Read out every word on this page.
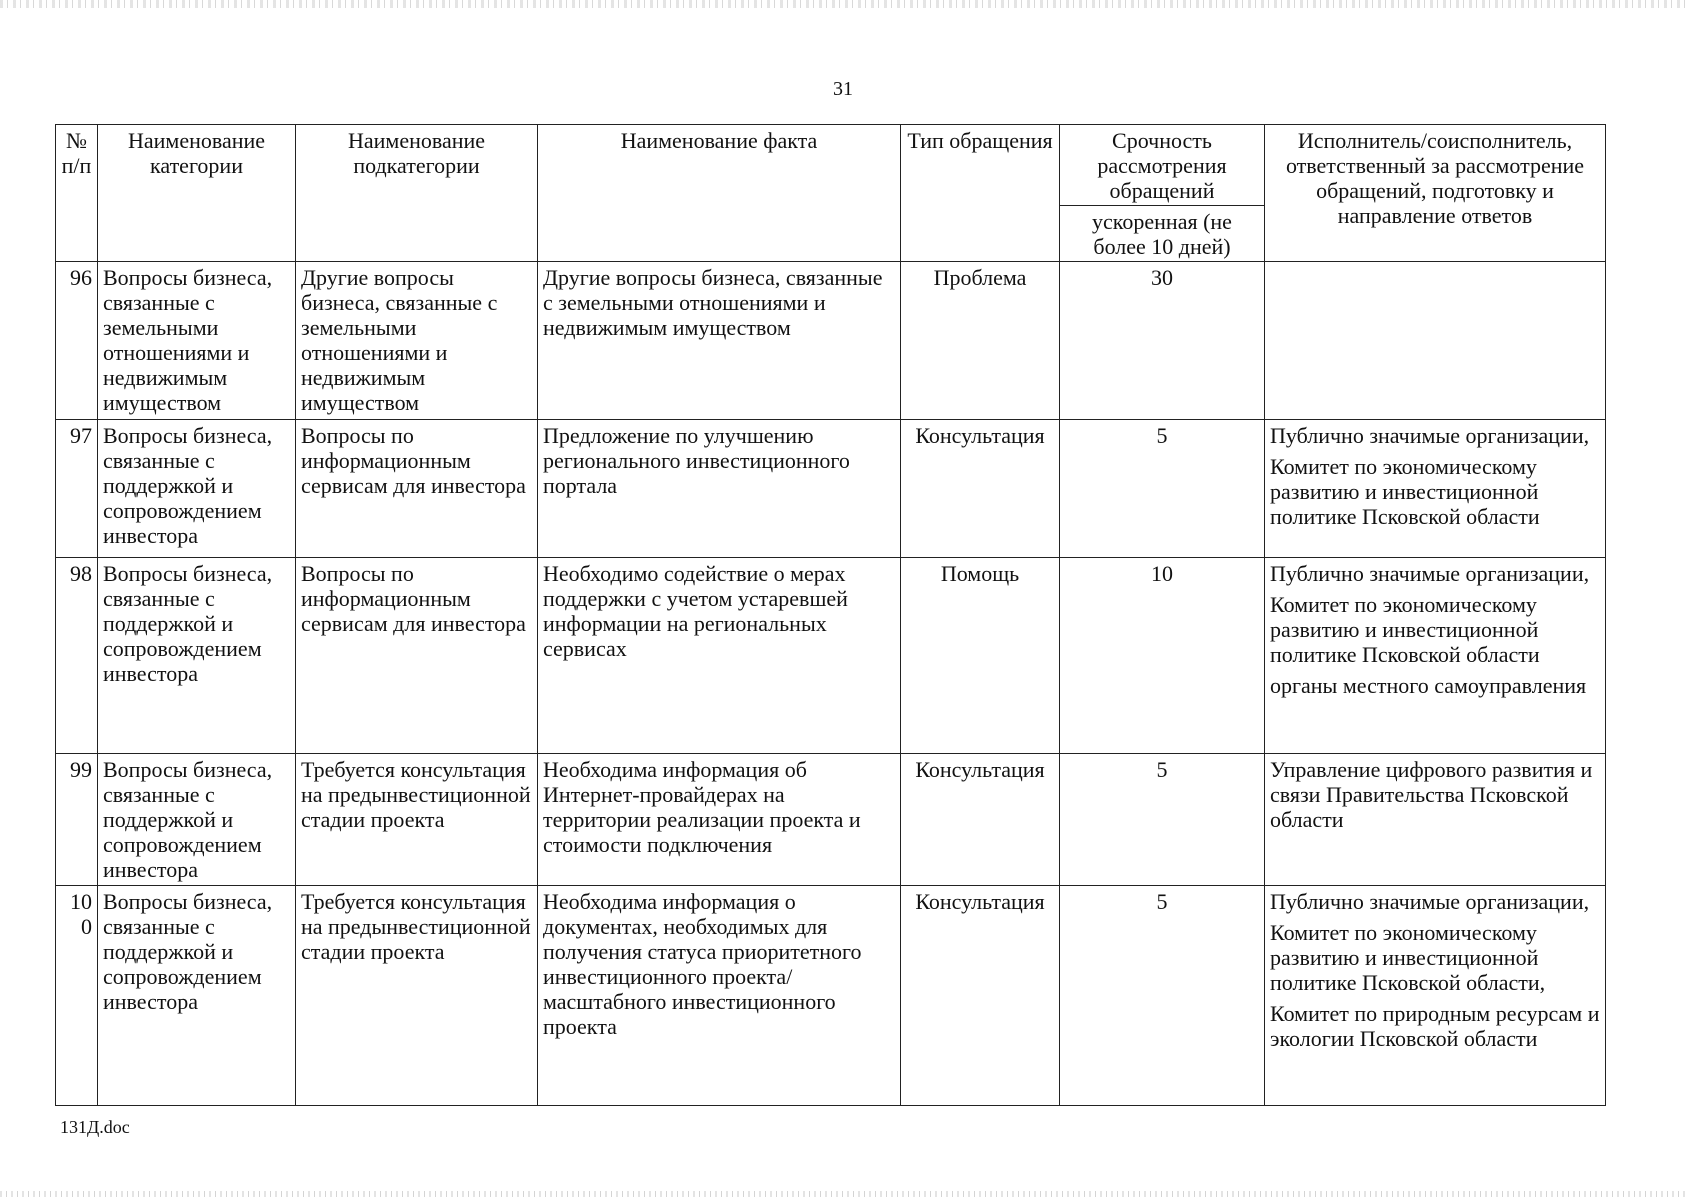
31
№ п/п	Наименование категории	Наименование подкатегории	Наименование факта	Тип обращения	Срочность рассмотрения обращений	Исполнитель/соисполнитель, ответственный за рассмотрение обращений, подготовку и направление ответов
					ускоренная (не более 10 дней)	
96	Вопросы бизнеса, связанные с земельными отношениями и недвижимым имуществом	Другие вопросы бизнеса, связанные с земельными отношениями и недвижимым имуществом	Другие вопросы бизнеса, связанные с земельными отношениями и недвижимым имуществом	Проблема	30	
97	Вопросы бизнеса, связанные с поддержкой и сопровождением инвестора	Вопросы по информационным сервисам для инвестора	Предложение по улучшению регионального инвестиционного портала	Консультация	5	Публично значимые организации,
Комитет по экономическому развитию и инвестиционной политике Псковской области

98	Вопросы бизнеса, связанные с поддержкой и сопровождением инвестора	Вопросы по информационным сервисам для инвестора	Необходимо содействие о мерах поддержки с учетом устаревшей информации на региональных сервисах	Помощь	10	Публично значимые организации,
Комитет по экономическому развитию и инвестиционной политике Псковской области
органы местного самоуправления

99	Вопросы бизнеса, связанные с поддержкой и сопровождением инвестора	Требуется консультация на предынвестиционной стадии проекта	Необходима информация об Интернет-провайдерах на территории реализации проекта и стоимости подключения	Консультация	5	Управление цифрового развития и связи Правительства Псковской области

100	Вопросы бизнеса, связанные с поддержкой и сопровождением инвестора	Требуется консультация на предынвестиционной стадии проекта	Необходима информация о документах, необходимых для получения статуса приоритетного инвестиционного проекта/ масштабного инвестиционного проекта	Консультация	5	Публично значимые организации,
Комитет по экономическому развитию и инвестиционной политике Псковской области,
Комитет по природным ресурсам и экологии Псковской области
131Д.doc
